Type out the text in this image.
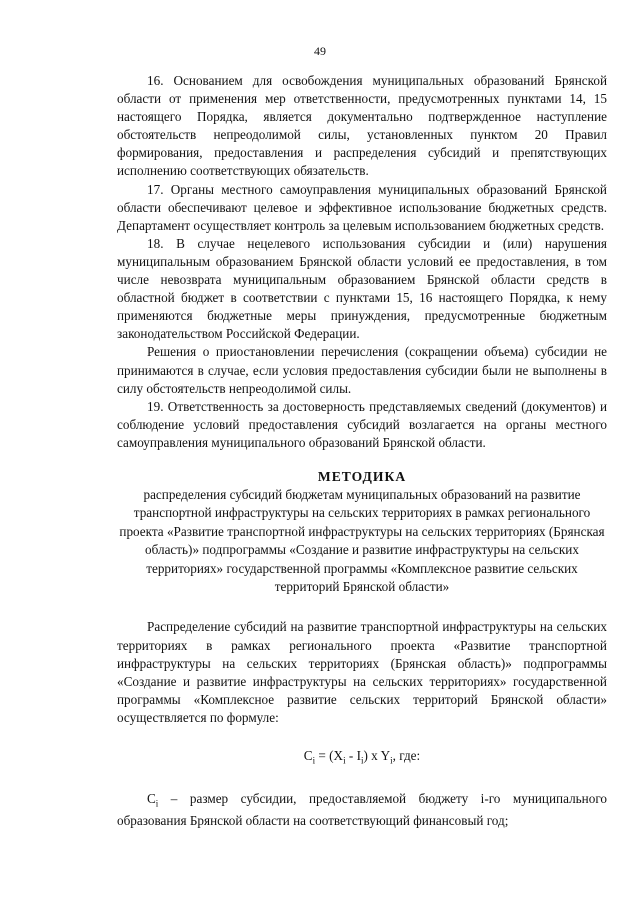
49

16. Основанием для освобождения муниципальных образований Брянской области от применения мер ответственности, предусмотренных пунктами 14, 15 настоящего Порядка, является документально подтвержденное наступление обстоятельств непреодолимой силы, установленных пунктом 20 Правил формирования, предоставления и распределения субсидий и препятствующих исполнению соответствующих обязательств.

17. Органы местного самоуправления муниципальных образований Брянской области обеспечивают целевое и эффективное использование бюджетных средств. Департамент осуществляет контроль за целевым использованием бюджетных средств.

18. В случае нецелевого использования субсидии и (или) нарушения муниципальным образованием Брянской области условий ее предоставления, в том числе невозврата муниципальным образованием Брянской области средств в областной бюджет в соответствии с пунктами 15, 16 настоящего Порядка, к нему применяются бюджетные меры принуждения, предусмотренные бюджетным законодательством Российской Федерации.

Решения о приостановлении перечисления (сокращении объема) субсидии не принимаются в случае, если условия предоставления субсидии были не выполнены в силу обстоятельств непреодолимой силы.

19. Ответственность за достоверность представляемых сведений (документов) и соблюдение условий предоставления субсидий возлагается на органы местного самоуправления муниципального образований Брянской области.

МЕТОДИКА

распределения субсидий бюджетам муниципальных образований на развитие транспортной инфраструктуры на сельских территориях в рамках регионального проекта «Развитие транспортной инфраструктуры на сельских территориях (Брянская область)» подпрограммы «Создание и развитие инфраструктуры на сельских территориях» государственной программы «Комплексное развитие сельских территорий Брянской области»

Распределение субсидий на развитие транспортной инфраструктуры на сельских территориях в рамках регионального проекта «Развитие транспортной инфраструктуры на сельских территориях (Брянская область)» подпрограммы «Создание и развитие инфраструктуры на сельских территориях» государственной программы «Комплексное развитие сельских территорий Брянской области» осуществляется по формуле:

$C_i = (X_i - I_i)$ x $Y_i$, где:

$C_i$ – размер субсидии, предоставляемой бюджету i-го муниципального образования Брянской области на соответствующий финансовый год;
